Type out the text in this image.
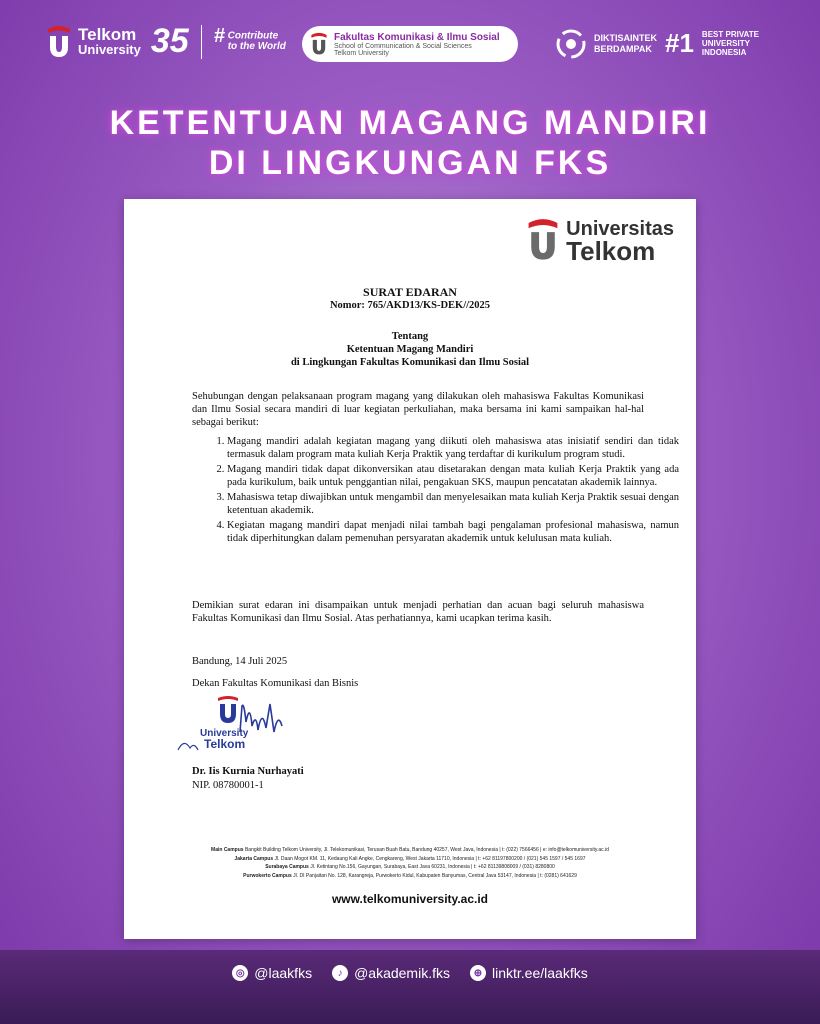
Telkom
University 35 # Contribute
to the World
Fakultas Komunikasi & Ilmu Sosial
School of Communication & Social Sciences
Telkom University
DIKTISAINTEK
BERDAMPAK #1 BEST PRIVATE
UNIVERSITY
INDONESIA
KETENTUAN MAGANG MANDIRI
DI LINGKUNGAN FKS
Universitas
Telkom
SURAT EDARAN
Nomor: 765/AKD13/KS-DEK//2025
Tentang
Ketentuan Magang Mandiri
di Lingkungan Fakultas Komunikasi dan Ilmu Sosial
Sehubungan dengan pelaksanaan program magang yang dilakukan oleh mahasiswa Fakultas Komunikasi dan Ilmu Sosial secara mandiri di luar kegiatan perkuliahan, maka bersama ini kami sampaikan hal-hal sebagai berikut:
1. Magang mandiri adalah kegiatan magang yang diikuti oleh mahasiswa atas inisiatif sendiri dan tidak termasuk dalam program mata kuliah Kerja Praktik yang terdaftar di kurikulum program studi.
2. Magang mandiri tidak dapat dikonversikan atau disetarakan dengan mata kuliah Kerja Praktik yang ada pada kurikulum, baik untuk penggantian nilai, pengakuan SKS, maupun pencatatan akademik lainnya.
3. Mahasiswa tetap diwajibkan untuk mengambil dan menyelesaikan mata kuliah Kerja Praktik sesuai dengan ketentuan akademik.
4. Kegiatan magang mandiri dapat menjadi nilai tambah bagi pengalaman profesional mahasiswa, namun tidak diperhitungkan dalam pemenuhan persyaratan akademik untuk kelulusan mata kuliah.
Demikian surat edaran ini disampaikan untuk menjadi perhatian dan acuan bagi seluruh mahasiswa Fakultas Komunikasi dan Ilmu Sosial. Atas perhatiannya, kami ucapkan terima kasih.
Bandung, 14 Juli 2025
Dekan Fakultas Komunikasi dan Bisnis
University
Telkom
Dr. Iis Kurnia Nurhayati
NIP. 08780001-1
Main Campus Bangkit Building Telkom University, Jl. Telekomunikasi, Terusan Buah Batu, Bandung 40257, West Java, Indonesia | t: (022) 7566456 | e: info@telkomuniversity.ac.id
Jakarta Campus Jl. Daan Mogot KM. 11, Kedaung Kali Angke, Cengkareng, West Jakarta 11710, Indonesia | t: +62 81197800200 / (021) 545 1597 / 545 1697
Surabaya Campus Jl. Ketintang No.156, Gayungan, Surabaya, East Java 60231, Indonesia | t: +62 81139808009 / (031) 8280800
Purwokerto Campus Jl. DI Panjaitan No. 128, Karangreja, Purwokerto Kidul, Kabupaten Banyumas, Central Java 53147, Indonesia | t: (0281) 641629
www.telkomuniversity.ac.id
◎ @laakfks	♪ @akademik.fks	⊕ linktr.ee/laakfks
